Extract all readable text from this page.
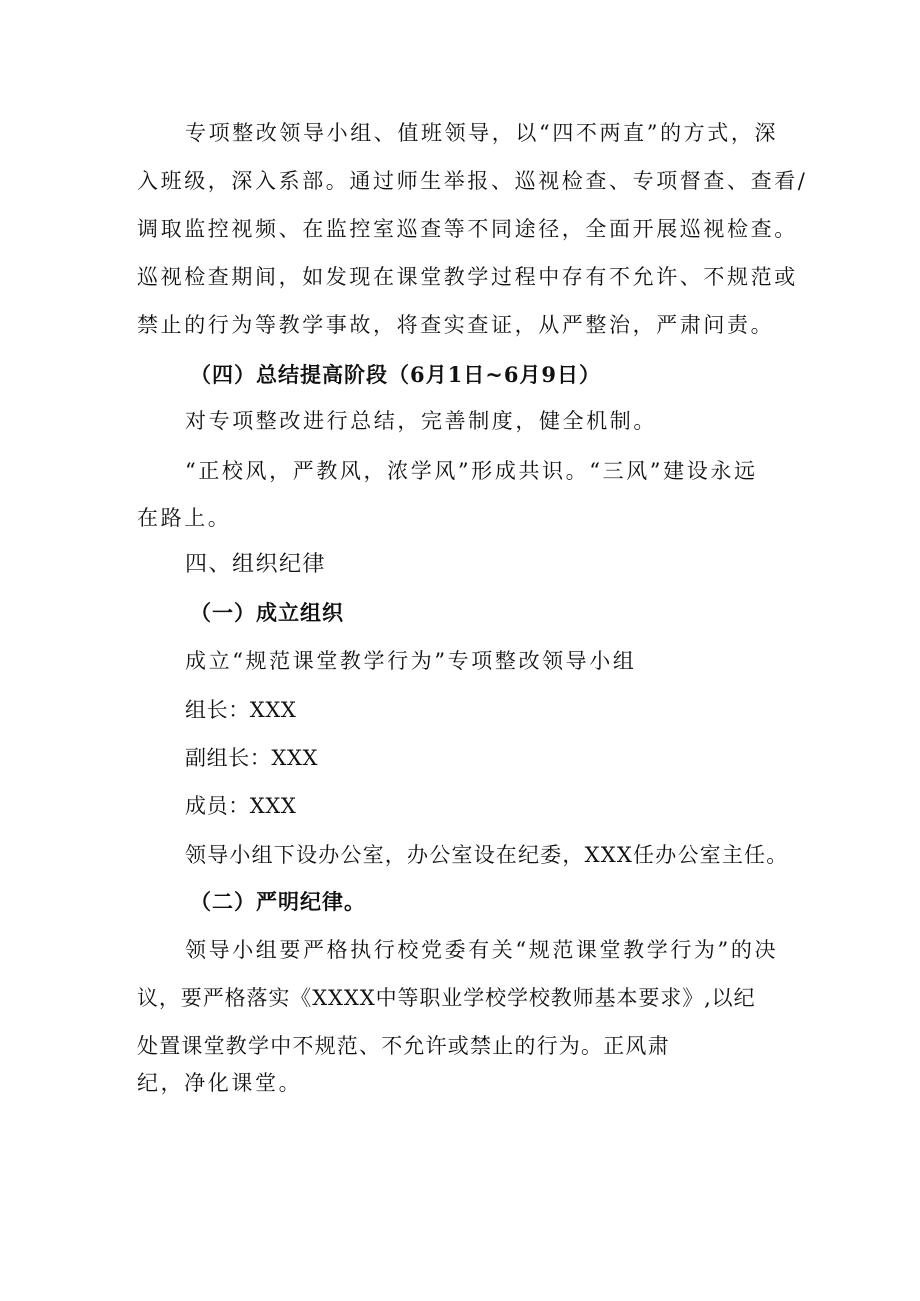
专项整改领导小组、值班领导，以“四不两直”的方式，深
入班级，深入系部。通过师生举报、巡视检查、专项督查、查看/
调取监控视频、在监控室巡查等不同途径，全面开展巡视检查。
巡视检查期间，如发现在课堂教学过程中存有不允许、不规范或
禁止的行为等教学事故，将查实查证，从严整治，严肃问责。
（四）总结提高阶段（6月1日~6月9日）
对专项整改进行总结，完善制度，健全机制。
“正校风，严教风，浓学风”形成共识。“三风”建设永远
在路上。
四、组织纪律
（一）成立组织
成立“规范课堂教学行为”专项整改领导小组
组长：XXX
副组长：XXX
成员：XXX
领导小组下设办公室，办公室设在纪委，XXX任办公室主任。
（二）严明纪律。
领导小组要严格执行校党委有关“规范课堂教学行为”的决
议，要严格落实《XXXX中等职业学校学校教师基本要求》,以纪
处置课堂教学中不规范、不允许或禁止的行为。正风肃
纪，净化课堂。
